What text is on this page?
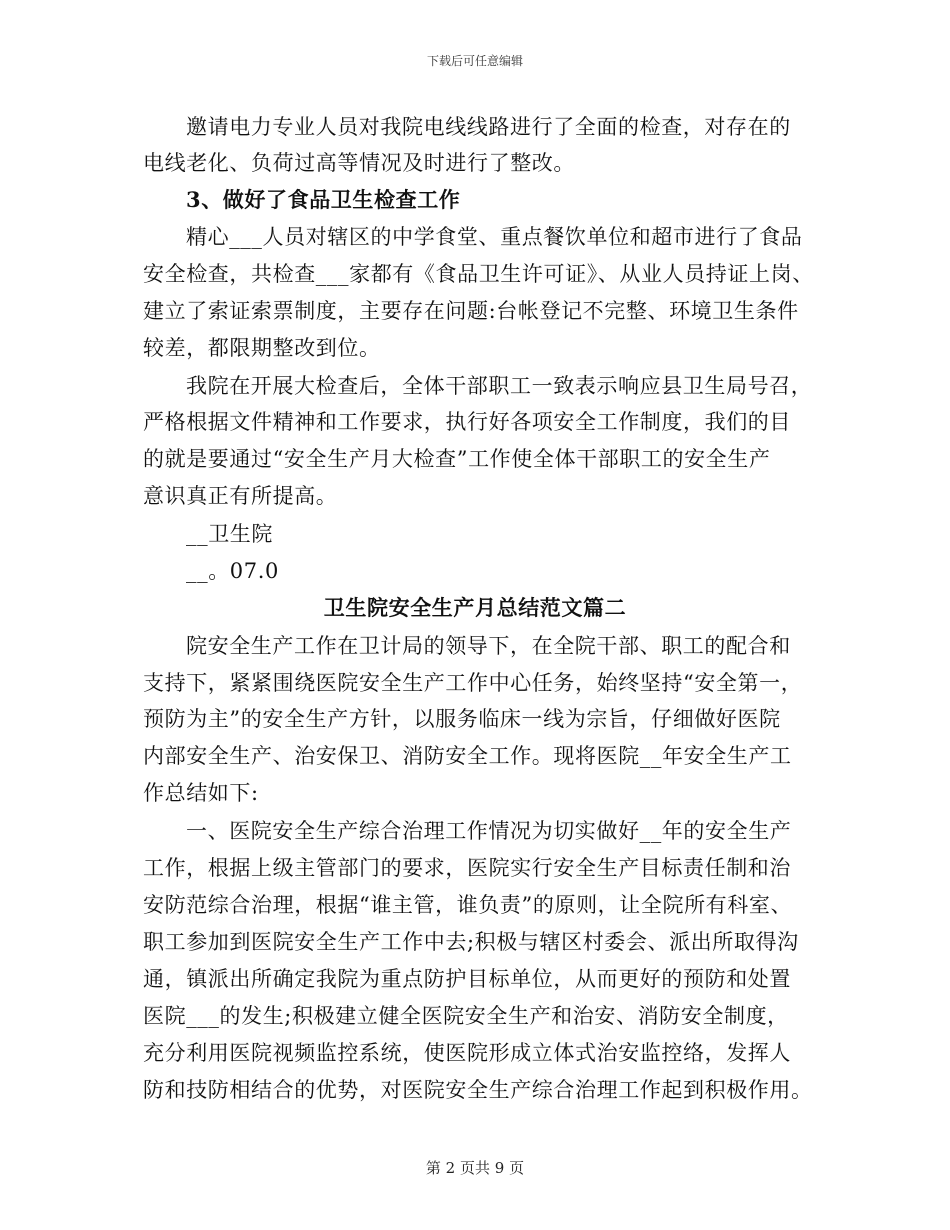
下载后可任意编辑
邀请电力专业人员对我院电线线路进行了全面的检查，对存在的
电线老化、负荷过高等情况及时进行了整改。
3、做好了食品卫生检查工作
精心___人员对辖区的中学食堂、重点餐饮单位和超市进行了食品
安全检查，共检查___家都有《食品卫生许可证》、从业人员持证上岗、
建立了索证索票制度，主要存在问题:台帐登记不完整、环境卫生条件
较差，都限期整改到位。
我院在开展大检查后，全体干部职工一致表示响应县卫生局号召，
严格根据文件精神和工作要求，执行好各项安全工作制度，我们的目
的就是要通过“安全生产月大检查”工作使全体干部职工的安全生产
意识真正有所提高。
__卫生院
__。07.0
卫生院安全生产月总结范文篇二
院安全生产工作在卫计局的领导下，在全院干部、职工的配合和
支持下，紧紧围绕医院安全生产工作中心任务，始终坚持“安全第一，
预防为主”的安全生产方针，以服务临床一线为宗旨，仔细做好医院
内部安全生产、治安保卫、消防安全工作。现将医院__年安全生产工
作总结如下:
一、医院安全生产综合治理工作情况为切实做好__年的安全生产
工作，根据上级主管部门的要求，医院实行安全生产目标责任制和治
安防范综合治理，根据“谁主管，谁负责”的原则，让全院所有科室、
职工参加到医院安全生产工作中去;积极与辖区村委会、派出所取得沟
通，镇派出所确定我院为重点防护目标单位，从而更好的预防和处置
医院___的发生;积极建立健全医院安全生产和治安、消防安全制度，
充分利用医院视频监控系统，使医院形成立体式治安监控络，发挥人
防和技防相结合的优势，对医院安全生产综合治理工作起到积极作用。
第 2 页共 9 页
